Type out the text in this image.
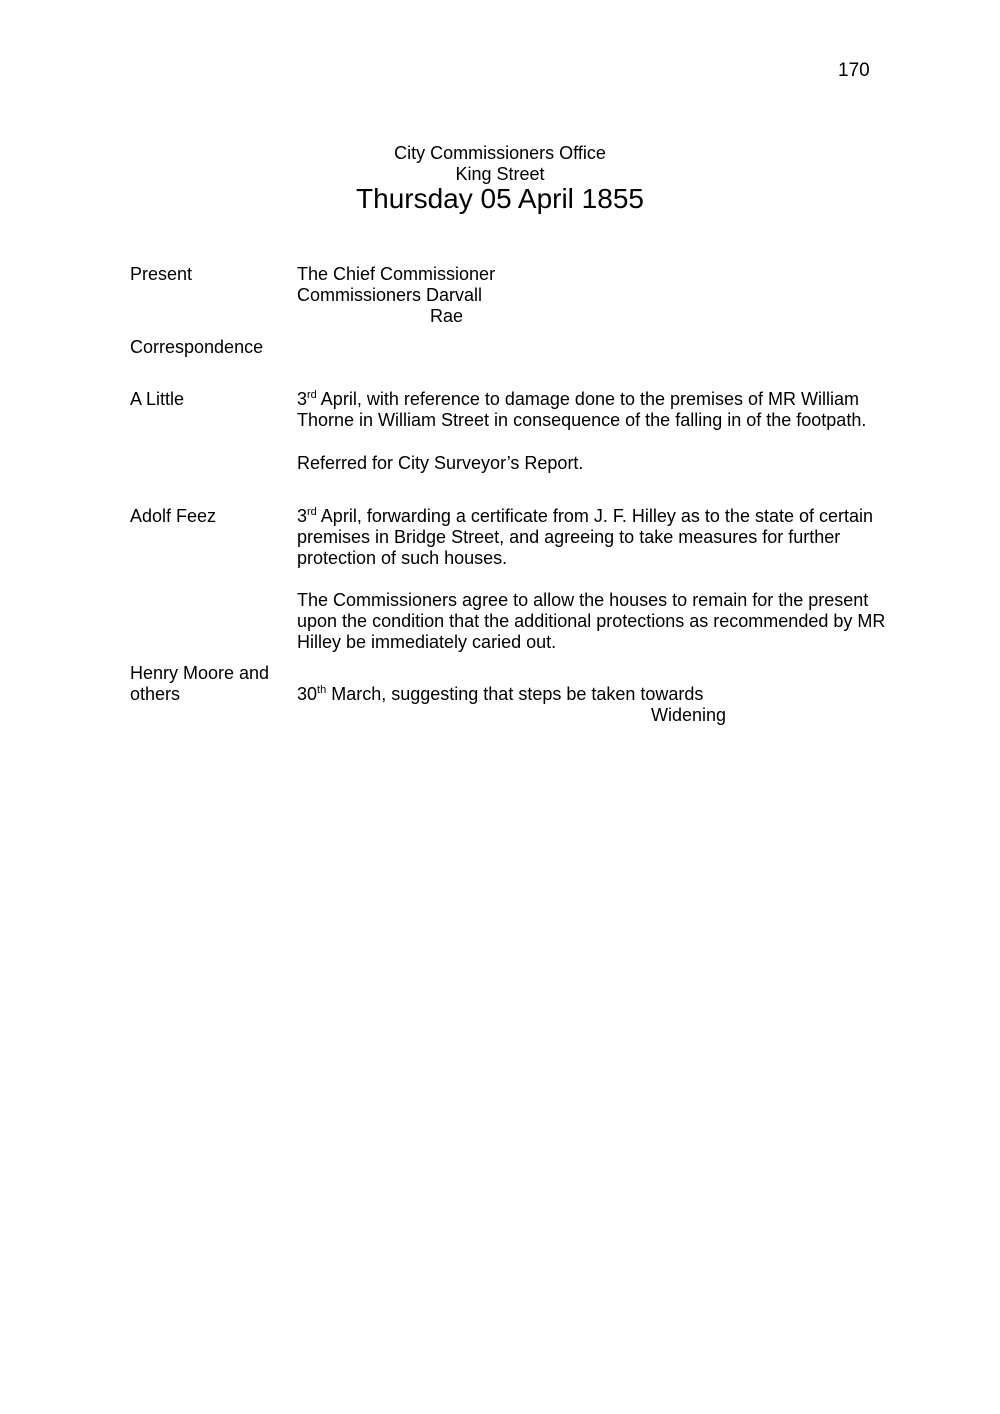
170
City Commissioners Office
King Street
Thursday 05 April 1855
Present	The Chief Commissioner
Commissioners Darvall
Rae
Correspondence
A Little	3rd April, with reference to damage done to the premises of MR William
Thorne in William Street in consequence of the falling in of the footpath.
Referred for City Surveyor’s Report.
Adolf Feez	3rd April, forwarding a certificate from J. F. Hilley as to the state of certain
premises in Bridge Street, and agreeing to take measures for further
protection of such houses.
The Commissioners agree to allow the houses to remain for the present
upon the condition that the additional protections as recommended by MR
Hilley be immediately caried out.
Henry Moore and
others	30th March, suggesting that steps be taken towards
Widening
